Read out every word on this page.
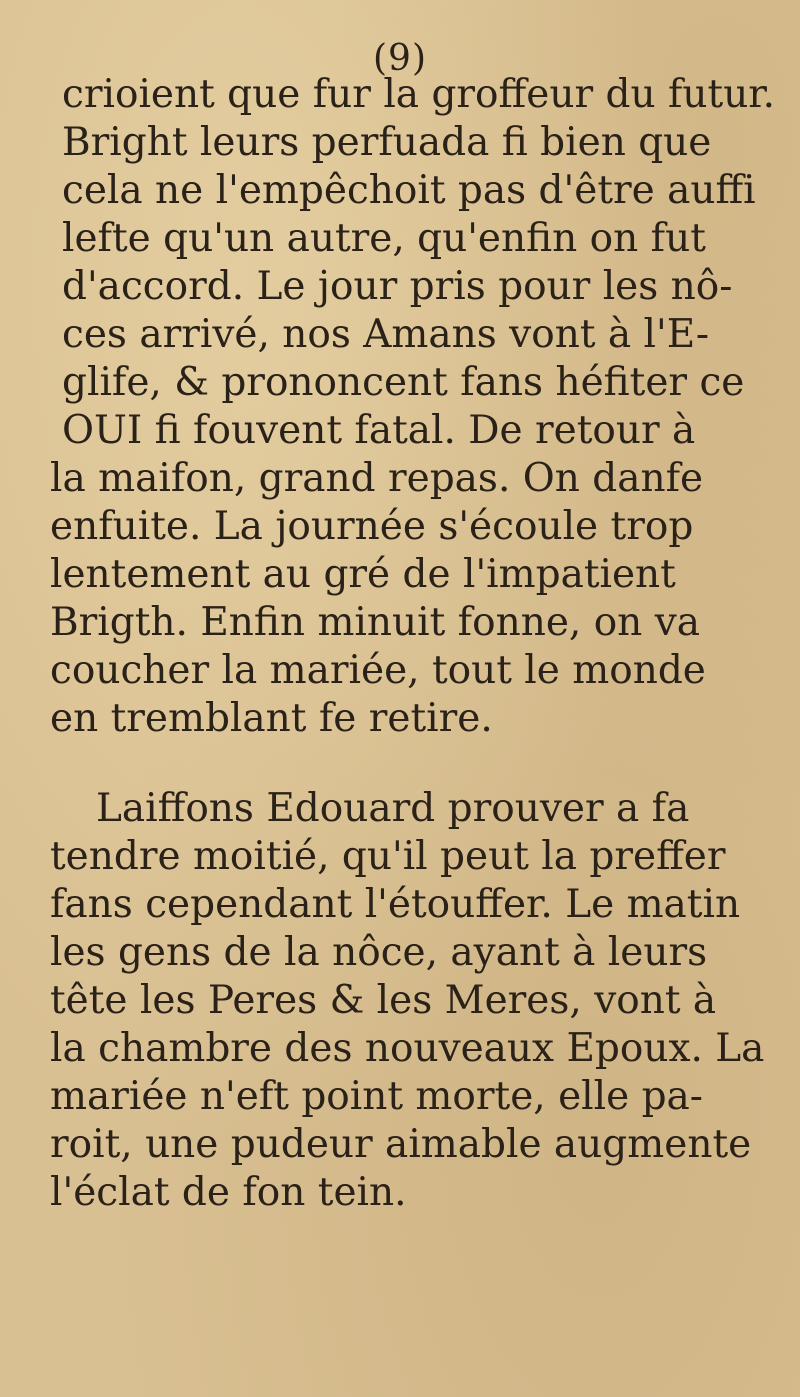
(9)
crioient que fur la groffeur du futur.
Bright leurs perfuada fi bien que
cela ne l'empêchoit pas d'être auffi
lefte qu'un autre, qu'enfin on fut
d'accord. Le jour pris pour les nô-
ces arrivé, nos Amans vont à l'E-
glife, & prononcent fans héfiter ce
OUI fi fouvent fatal. De retour à
la maifon, grand repas. On danfe
enfuite. La journée s'écoule trop
lentement au gré de l'impatient
Brigth. Enfin minuit fonne, on va
coucher la mariée, tout le monde
en tremblant fe retire.
Laiffons Edouard prouver a fa
tendre moitié, qu'il peut la preffer
fans cependant l'étouffer. Le matin
les gens de la nôce, ayant à leurs
tête les Peres & les Meres, vont à
la chambre des nouveaux Epoux. La
mariée n'eft point morte, elle pa-
roit, une pudeur aimable augmente
l'éclat de fon tein.
